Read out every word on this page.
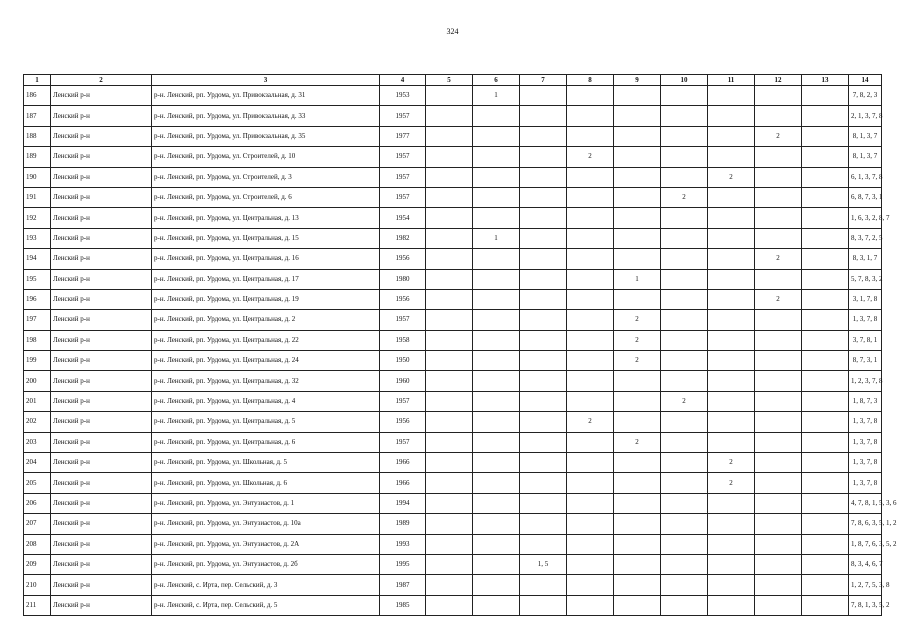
324
1	2	3	4	5	6	7	8	9	10	11	12	13	14
186	Ленский р-н	р-н. Ленский, рп. Урдома, ул. Привокзальная, д. 31	1953		1								7, 8, 2, 3
187	Ленский р-н	р-н. Ленский, рп. Урдома, ул. Привокзальная, д. 33	1957										2, 1, 3, 7, 8
188	Ленский р-н	р-н. Ленский, рп. Урдома, ул. Привокзальная, д. 35	1977								2		8, 1, 3, 7
189	Ленский р-н	р-н. Ленский, рп. Урдома, ул. Строителей, д. 10	1957				2						8, 1, 3, 7
190	Ленский р-н	р-н. Ленский, рп. Урдома, ул. Строителей, д. 3	1957							2			6, 1, 3, 7, 8
191	Ленский р-н	р-н. Ленский, рп. Урдома, ул. Строителей, д. 6	1957						2				6, 8, 7, 3, 1
192	Ленский р-н	р-н. Ленский, рп. Урдома, ул. Центральная, д. 13	1954										1, 6, 3, 2, 8, 7
193	Ленский р-н	р-н. Ленский, рп. Урдома, ул. Центральная, д. 15	1982		1								8, 3, 7, 2, 5
194	Ленский р-н	р-н. Ленский, рп. Урдома, ул. Центральная, д. 16	1956								2		8, 3, 1, 7
195	Ленский р-н	р-н. Ленский, рп. Урдома, ул. Центральная, д. 17	1980					1					5, 7, 8, 3, 2
196	Ленский р-н	р-н. Ленский, рп. Урдома, ул. Центральная, д. 19	1956								2		3, 1, 7, 8
197	Ленский р-н	р-н. Ленский, рп. Урдома, ул. Центральная, д. 2	1957					2					1, 3, 7, 8
198	Ленский р-н	р-н. Ленский, рп. Урдома, ул. Центральная, д. 22	1958					2					3, 7, 8, 1
199	Ленский р-н	р-н. Ленский, рп. Урдома, ул. Центральная, д. 24	1950					2					8, 7, 3, 1
200	Ленский р-н	р-н. Ленский, рп. Урдома, ул. Центральная, д. 32	1960										1, 2, 3, 7, 8
201	Ленский р-н	р-н. Ленский, рп. Урдома, ул. Центральная, д. 4	1957						2				1, 8, 7, 3
202	Ленский р-н	р-н. Ленский, рп. Урдома, ул. Центральная, д. 5	1956				2						1, 3, 7, 8
203	Ленский р-н	р-н. Ленский, рп. Урдома, ул. Центральная, д. 6	1957					2					1, 3, 7, 8
204	Ленский р-н	р-н. Ленский, рп. Урдома, ул. Школьная, д. 5	1966							2			1, 3, 7, 8
205	Ленский р-н	р-н. Ленский, рп. Урдома, ул. Школьная, д. 6	1966							2			1, 3, 7, 8
206	Ленский р-н	р-н. Ленский, рп. Урдома, ул. Энтузиастов, д. 1	1994										4, 7, 8, 1, 5, 3, 6
207	Ленский р-н	р-н. Ленский, рп. Урдома, ул. Энтузиастов, д. 10а	1989										7, 8, 6, 3, 5, 1, 2
208	Ленский р-н	р-н. Ленский, рп. Урдома, ул. Энтузиастов, д. 2А	1993										1, 8, 7, 6, 3, 5, 2
209	Ленский р-н	р-н. Ленский, рп. Урдома, ул. Энтузиастов, д. 2б	1995			1, 5							8, 3, 4, 6, 7
210	Ленский р-н	р-н. Ленский, с. Ирта, пер. Сельский, д. 3	1987										1, 2, 7, 5, 3, 8
211	Ленский р-н	р-н. Ленский, с. Ирта, пер. Сельский, д. 5	1985										7, 8, 1, 3, 5, 2
